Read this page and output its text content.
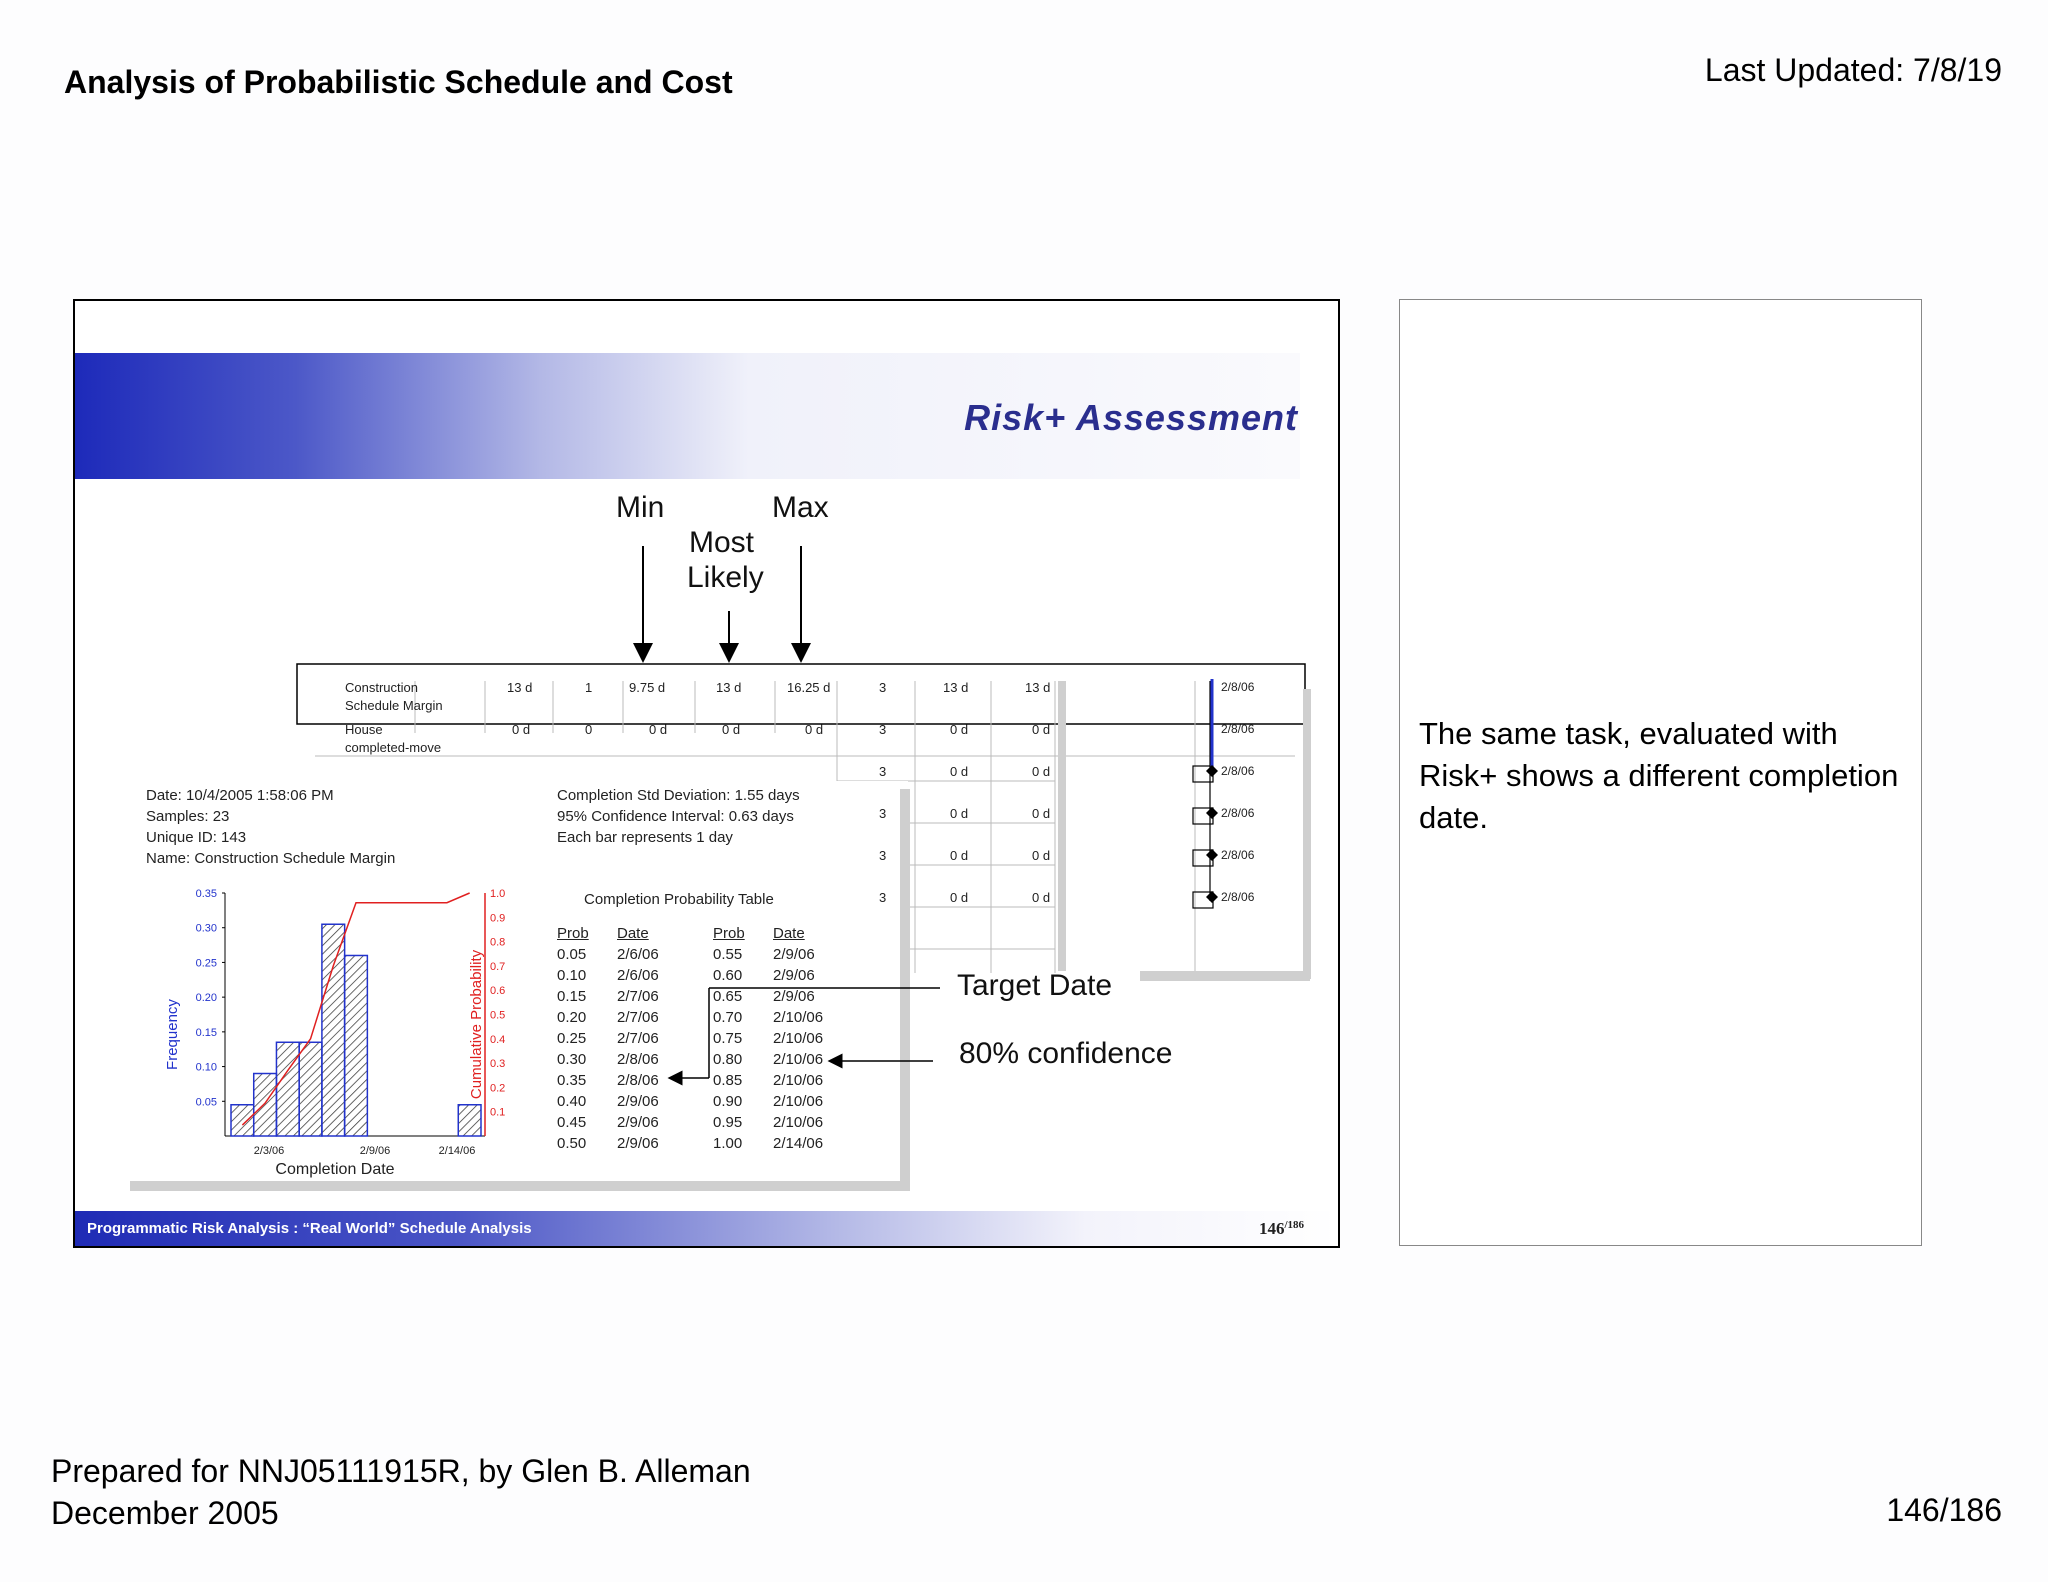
Analysis of Probabilistic Schedule and Cost	Last Updated: 7/8/19
Risk+ Assessment
Min
Most
Likely
Max
Construction
Schedule Margin
13 d	1	9.75 d	13 d	16.25 d	3	13 d	13 d	2/8/06
House
completed-move
0 d	0	0 d	0 d	0 d	3	0 d	0 d	2/8/06
3	0 d	0 d	2/8/06
3	0 d	0 d	2/8/06
3	0 d	0 d	2/8/06
3	0 d	0 d	2/8/06
Date: 10/4/2005 1:58:06 PM
Samples: 23
Unique ID: 143
Name: Construction Schedule Margin
Completion Std Deviation: 1.55 days
95% Confidence Interval: 0.63 days
Each bar represents 1 day
0.35
0.30
0.25
0.20
0.15
0.10
0.05
1.0
0.9
0.8
0.7
0.6
0.5
0.4
0.3
0.2
0.1
2/3/06	2/9/06	2/14/06
Completion Date
Frequency	Cumulative Probability
Completion Probability Table
Prob Date	Prob Date
0.05 2/6/06	0.55 2/9/06
0.10 2/6/06	0.60 2/9/06
0.15 2/7/06	0.65 2/9/06
0.20 2/7/06	0.70 2/10/06
0.25 2/7/06	0.75 2/10/06
0.30 2/8/06	0.80 2/10/06
0.35 2/8/06	0.85 2/10/06
0.40 2/9/06	0.90 2/10/06
0.45 2/9/06	0.95 2/10/06
0.50 2/9/06	1.00 2/14/06
Target Date
80% confidence
Programmatic Risk Analysis : “Real World” Schedule Analysis	$146^{/186}$
The same task, evaluated with Risk+ shows a different completion date.
Prepared for NNJ05111915R, by Glen B. Alleman
December 2005	146/186
